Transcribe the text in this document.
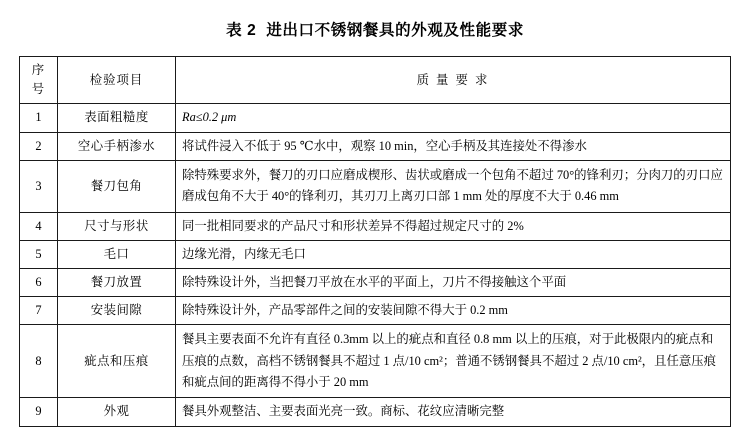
表 2 进出口不锈钢餐具的外观及性能要求
序号	检验项目	质 量 要 求
1	表面粗糙度	Ra≤0.2 μm
2	空心手柄渗水	将试件浸入不低于 95 ℃水中，观察 10 min，空心手柄及其连接处不得渗水
3	餐刀包角	除特殊要求外，餐刀的刃口应磨成楔形、齿状或磨成一个包角不超过 70°的锋利刃；分肉刀的刃口应磨成包角不大于 40°的锋利刃，其刃刀上离刃口部 1 mm 处的厚度不大于 0.46 mm
4	尺寸与形状	同一批相同要求的产品尺寸和形状差异不得超过规定尺寸的 2%
5	毛口	边缘光滑，内缘无毛口
6	餐刀放置	除特殊设计外，当把餐刀平放在水平的平面上，刀片不得接触这个平面
7	安装间隙	除特殊设计外，产品零部件之间的安装间隙不得大于 0.2 mm
8	疵点和压痕	餐具主要表面不允许有直径 0.3mm 以上的疵点和直径 0.8 mm 以上的压痕，对于此极限内的疵点和压痕的点数，高档不锈钢餐具不超过 1 点/10 cm²；普通不锈钢餐具不超过 2 点/10 cm²，且任意压痕和疵点间的距离得不得小于 20 mm
9	外观	餐具外观整洁、主要表面光亮一致。商标、花纹应清晰完整
